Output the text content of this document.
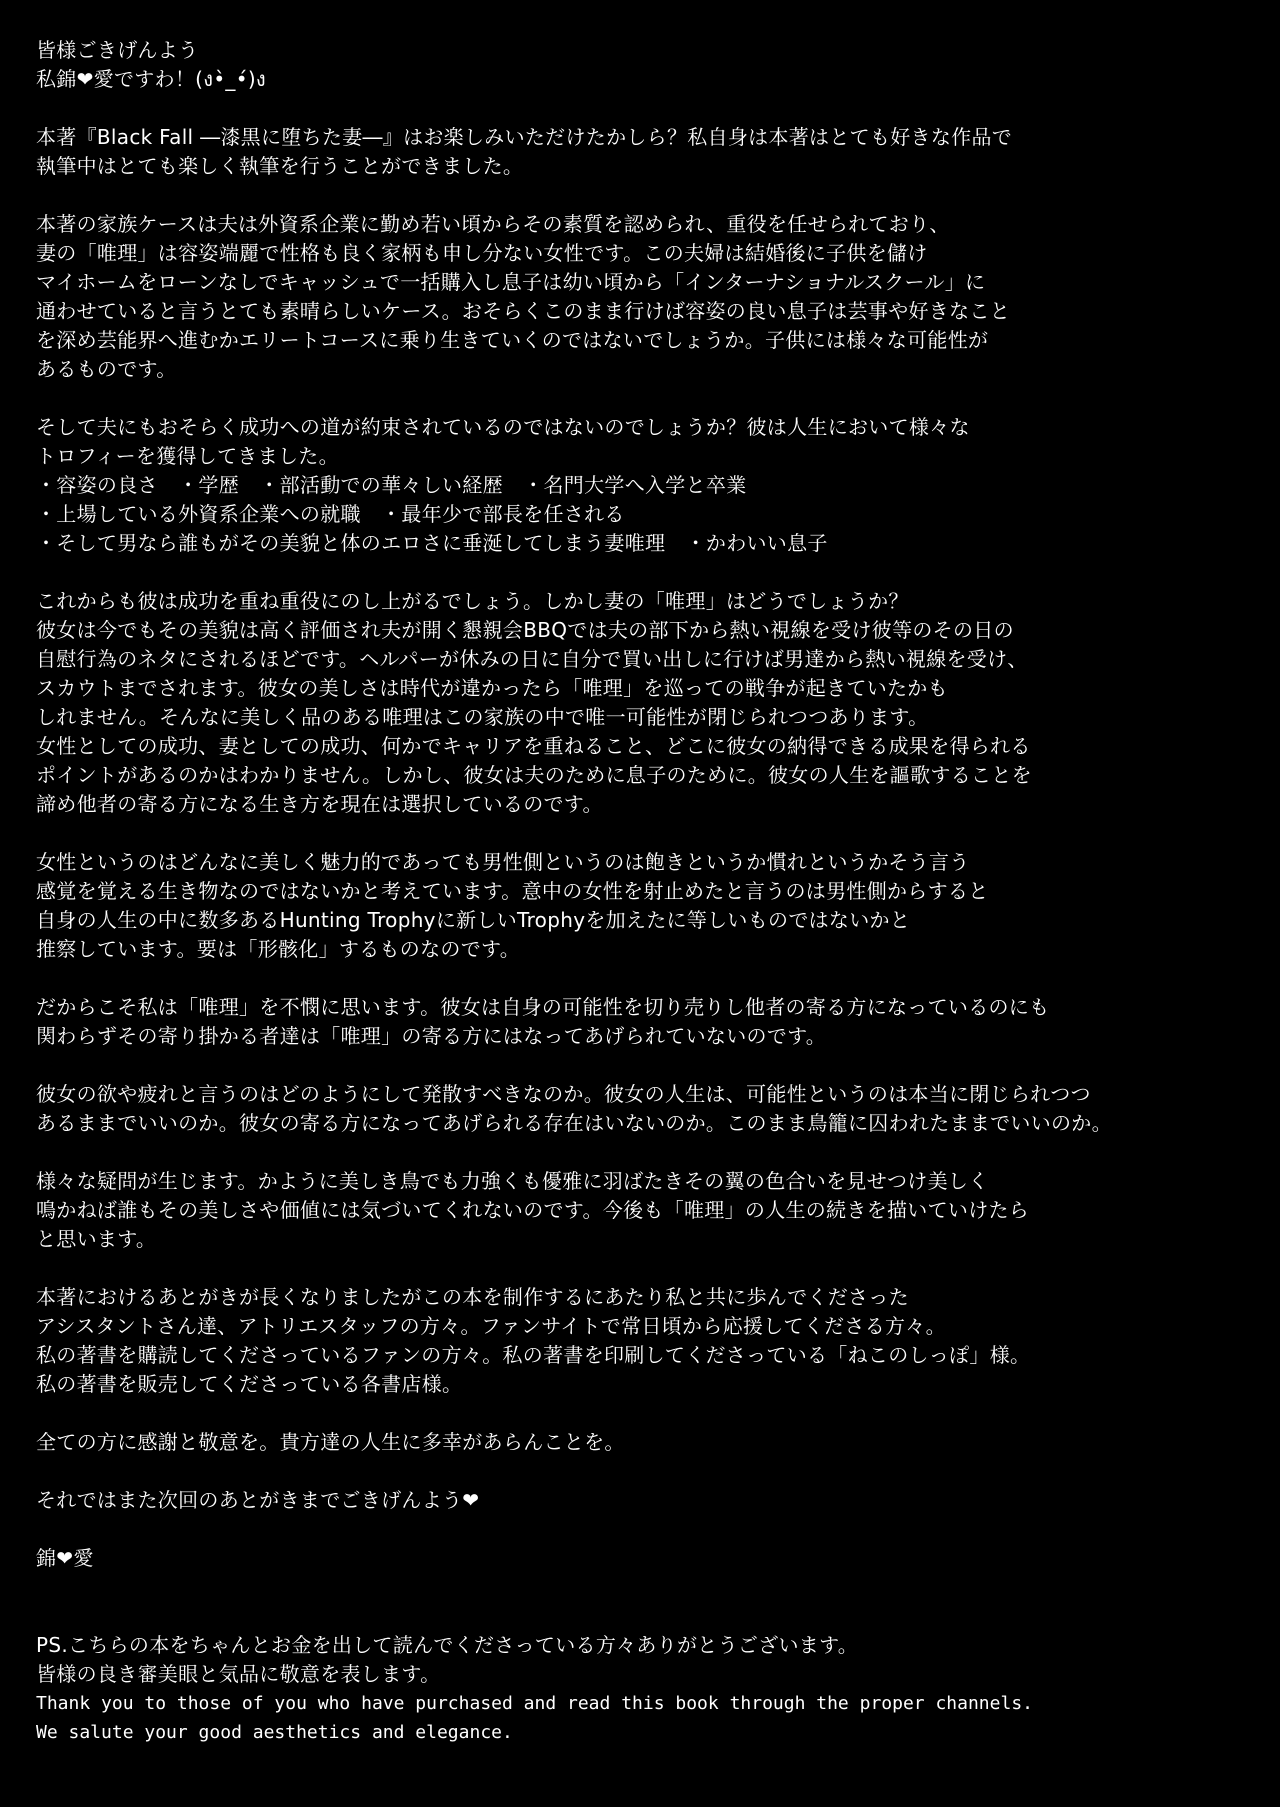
皆様ごきげんよう
私錦❤愛ですわ！(ง•̀_•́)ง
本著『Black Fall ―漆黒に堕ちた妻―』はお楽しみいただけたかしら？私自身は本著はとても好きな作品で
執筆中はとても楽しく執筆を行うことができました。
本著の家族ケースは夫は外資系企業に勤め若い頃からその素質を認められ、重役を任せられており、
妻の「唯理」は容姿端麗で性格も良く家柄も申し分ない女性です。この夫婦は結婚後に子供を儲け
マイホームをローンなしでキャッシュで一括購入し息子は幼い頃から「インターナショナルスクール」に
通わせていると言うとても素晴らしいケース。おそらくこのまま行けば容姿の良い息子は芸事や好きなこと
を深め芸能界へ進むかエリートコースに乗り生きていくのではないでしょうか。子供には様々な可能性が
あるものです。
そして夫にもおそらく成功への道が約束されているのではないのでしょうか？彼は人生において様々な
トロフィーを獲得してきました。
・容姿の良さ　・学歴　・部活動での華々しい経歴　・名門大学へ入学と卒業
・上場している外資系企業への就職　・最年少で部長を任される
・そして男なら誰もがその美貌と体のエロさに垂涎してしまう妻唯理　・かわいい息子
これからも彼は成功を重ね重役にのし上がるでしょう。しかし妻の「唯理」はどうでしょうか？
彼女は今でもその美貌は高く評価され夫が開く懇親会BBQでは夫の部下から熱い視線を受け彼等のその日の
自慰行為のネタにされるほどです。ヘルパーが休みの日に自分で買い出しに行けば男達から熱い視線を受け、
スカウトまでされます。彼女の美しさは時代が違かったら「唯理」を巡っての戦争が起きていたかも
しれません。そんなに美しく品のある唯理はこの家族の中で唯一可能性が閉じられつつあります。
女性としての成功、妻としての成功、何かでキャリアを重ねること、どこに彼女の納得できる成果を得られる
ポイントがあるのかはわかりません。しかし、彼女は夫のために息子のために。彼女の人生を謳歌することを
諦め他者の寄る方になる生き方を現在は選択しているのです。
女性というのはどんなに美しく魅力的であっても男性側というのは飽きというか慣れというかそう言う
感覚を覚える生き物なのではないかと考えています。意中の女性を射止めたと言うのは男性側からすると
自身の人生の中に数多あるHunting Trophyに新しいTrophyを加えたに等しいものではないかと
推察しています。要は「形骸化」するものなのです。
だからこそ私は「唯理」を不憫に思います。彼女は自身の可能性を切り売りし他者の寄る方になっているのにも
関わらずその寄り掛かる者達は「唯理」の寄る方にはなってあげられていないのです。
彼女の欲や疲れと言うのはどのようにして発散すべきなのか。彼女の人生は、可能性というのは本当に閉じられつつ
あるままでいいのか。彼女の寄る方になってあげられる存在はいないのか。このまま鳥籠に囚われたままでいいのか。
様々な疑問が生じます。かように美しき鳥でも力強くも優雅に羽ばたきその翼の色合いを見せつけ美しく
鳴かねば誰もその美しさや価値には気づいてくれないのです。今後も「唯理」の人生の続きを描いていけたら
と思います。
本著におけるあとがきが長くなりましたがこの本を制作するにあたり私と共に歩んでくださった
アシスタントさん達、アトリエスタッフの方々。ファンサイトで常日頃から応援してくださる方々。
私の著書を購読してくださっているファンの方々。私の著書を印刷してくださっている「ねこのしっぽ」様。
私の著書を販売してくださっている各書店様。
全ての方に感謝と敬意を。貴方達の人生に多幸があらんことを。
それではまた次回のあとがきまでごきげんよう❤
錦❤愛
PS.こちらの本をちゃんとお金を出して読んでくださっている方々ありがとうございます。
皆様の良き審美眼と気品に敬意を表します。
Thank you to those of you who have purchased and read this book through the proper channels.
We salute your good aesthetics and elegance.
